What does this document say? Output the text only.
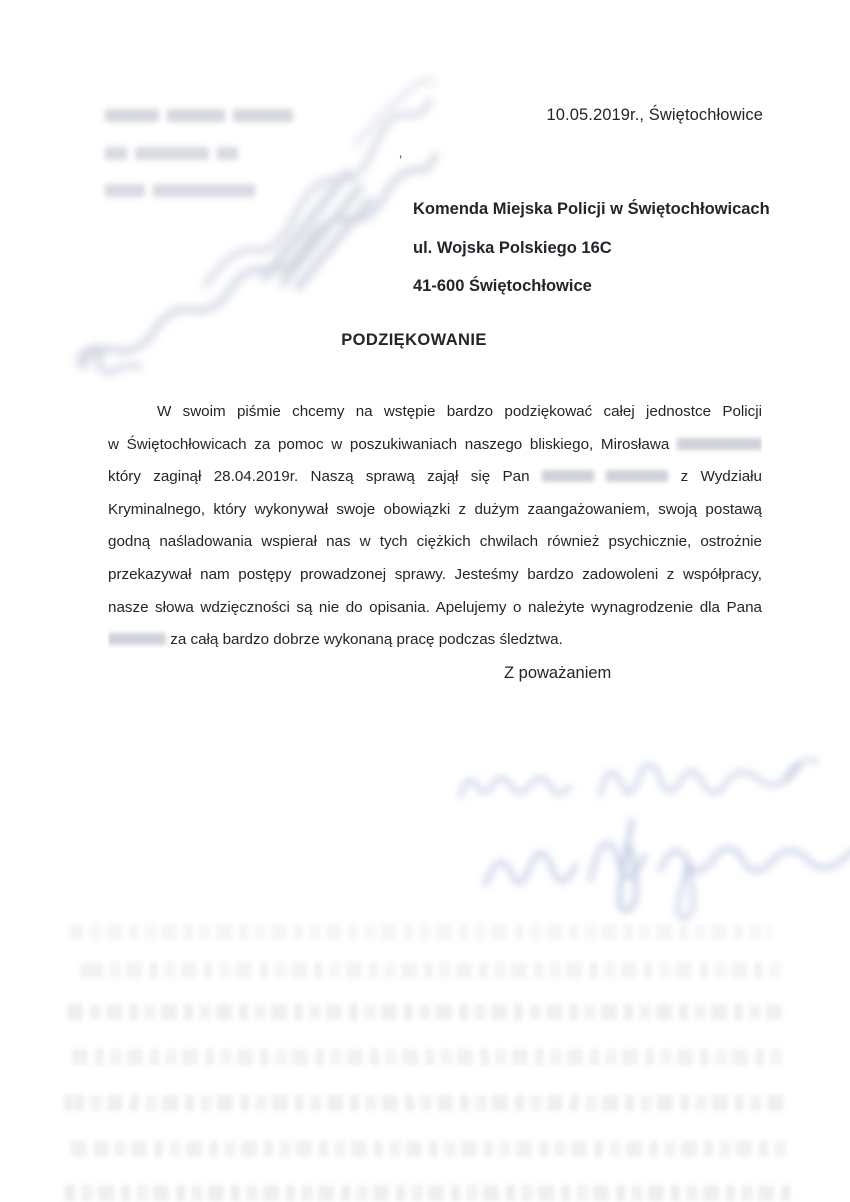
’
10.05.2019r., Świętochłowice
Komenda Miejska Policji w Świętochłowicach
ul. Wojska Polskiego 16C
41-600 Świętochłowice
PODZIĘKOWANIE
W swoim piśmie chcemy na wstępie bardzo podziękować całej jednostce Policji
w Świętochłowicach za pomoc w poszukiwaniach naszego bliskiego, Mirosława
który zaginął 28.04.2019r. Naszą sprawą zajął się Pan	z Wydziału
Kryminalnego, który wykonywał swoje obowiązki z dużym zaangażowaniem, swoją postawą
godną naśladowania wspierał nas w tych ciężkich chwilach również psychicznie, ostrożnie
przekazywał nam postępy prowadzonej sprawy. Jesteśmy bardzo zadowoleni z współpracy,
nasze słowa wdzięczności są nie do opisania. Apelujemy o należyte wynagrodzenie dla Pana
za całą bardzo dobrze wykonaną pracę podczas śledztwa.
Z poważaniem
